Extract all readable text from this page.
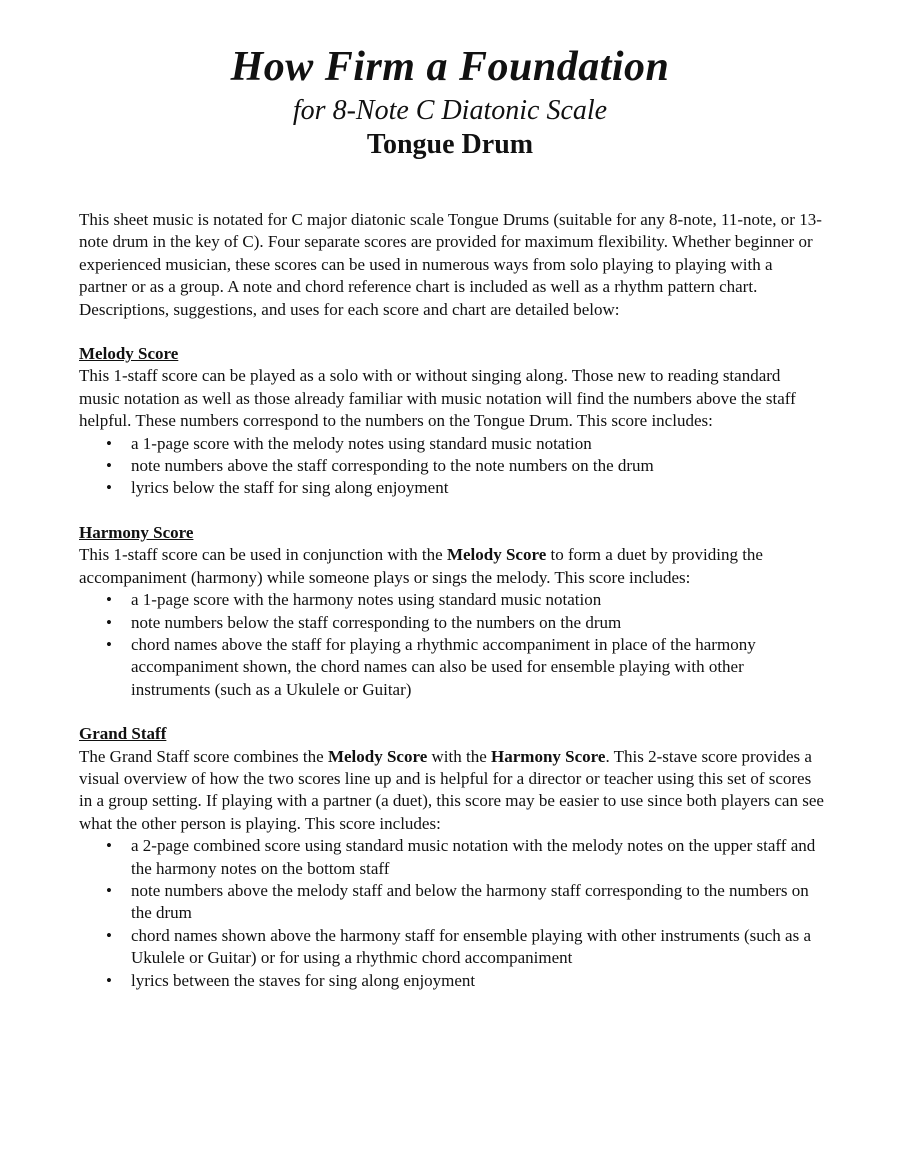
How Firm a Foundation
for 8-Note C Diatonic Scale
Tongue Drum

This sheet music is notated for C major diatonic scale Tongue Drums (suitable for any 8-note, 11-note, or 13-note drum in the key of C). Four separate scores are provided for maximum flexibility. Whether beginner or experienced musician, these scores can be used in numerous ways from solo playing to playing with a partner or as a group. A note and chord reference chart is included as well as a rhythm pattern chart. Descriptions, suggestions, and uses for each score and chart are detailed below:

Melody Score

This 1-staff score can be played as a solo with or without singing along. Those new to reading standard music notation as well as those already familiar with music notation will find the numbers above the staff helpful. These numbers correspond to the numbers on the Tongue Drum. This score includes:

• a 1-page score with the melody notes using standard music notation
• note numbers above the staff corresponding to the note numbers on the drum
• lyrics below the staff for sing along enjoyment

Harmony Score

This 1-staff score can be used in conjunction with the Melody Score to form a duet by providing the accompaniment (harmony) while someone plays or sings the melody. This score includes:

• a 1-page score with the harmony notes using standard music notation
• note numbers below the staff corresponding to the numbers on the drum
• chord names above the staff for playing a rhythmic accompaniment in place of the harmony accompaniment shown, the chord names can also be used for ensemble playing with other instruments (such as a Ukulele or Guitar)

Grand Staff

The Grand Staff score combines the Melody Score with the Harmony Score. This 2-stave score provides a visual overview of how the two scores line up and is helpful for a director or teacher using this set of scores in a group setting. If playing with a partner (a duet), this score may be easier to use since both players can see what the other person is playing. This score includes:

• a 2-page combined score using standard music notation with the melody notes on the upper staff and the harmony notes on the bottom staff
• note numbers above the melody staff and below the harmony staff corresponding to the numbers on the drum
• chord names shown above the harmony staff for ensemble playing with other instruments (such as a Ukulele or Guitar) or for using a rhythmic chord accompaniment
• lyrics between the staves for sing along enjoyment
